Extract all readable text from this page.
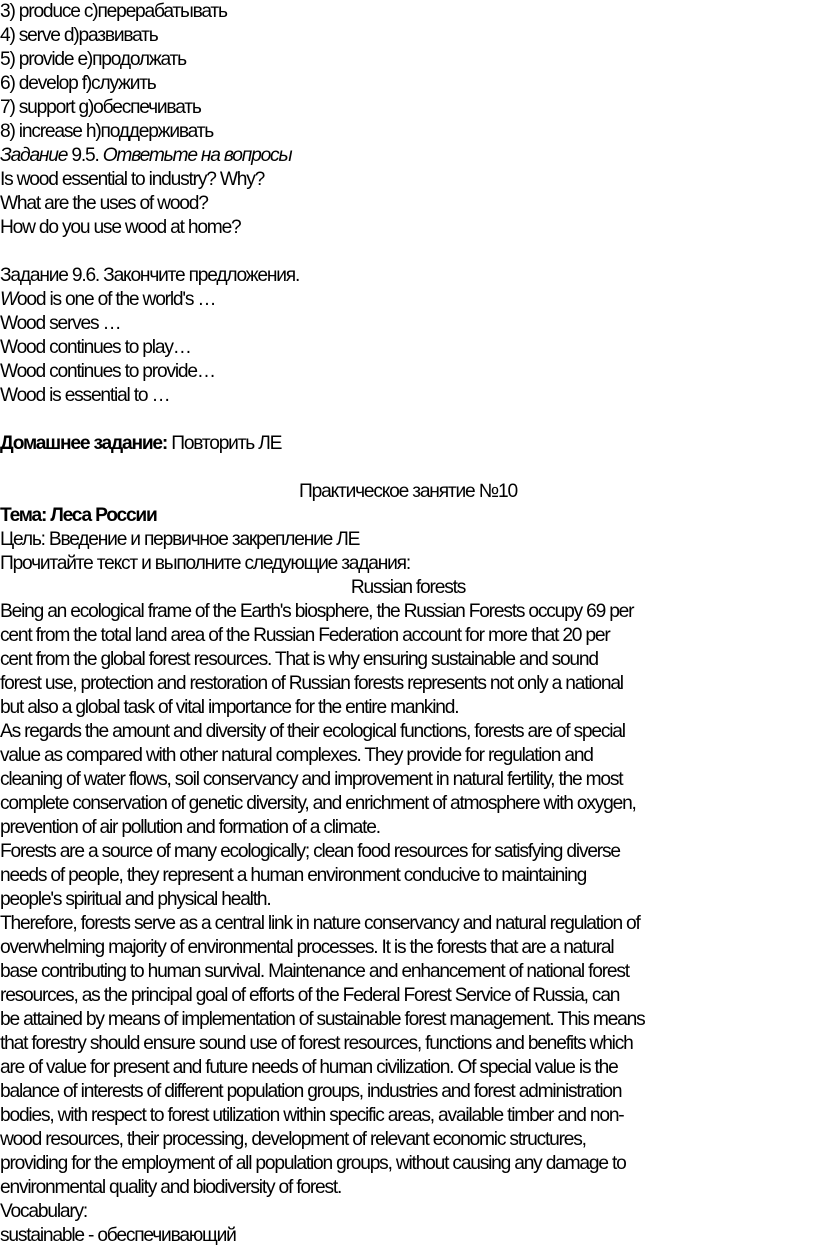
3) produce c)перерабатывать
4) serve d)развивать
5) provide e)продолжать
6) develop f)служить
7) support g)обеспечивать
8) increase h)поддерживать
Задание 9.5. Ответьте на вопросы
Is wood essential to industry? Why?
What are the uses of wood?
How do you use wood at home?
Задание 9.6. Закончите предложения.
Wood is one of the world's …
Wood serves …
Wood continues to play…
Wood continues to provide…
Wood is essential to …
Домашнее задание: Повторить ЛЕ
Практическое занятие №10
Тема: Леса России
Цель: Введение и первичное закрепление ЛЕ
Прочитайте текст и выполните следующие задания:
Russian forests
Being an ecological frame of the Earth's biosphere, the Russian Forests occupy 69 per
cent from the total land area of the Russian Federation account for more that 20 per
cent from the global forest resources. That is why ensuring sustainable and sound
forest use, protection and restoration of Russian forests represents not only a national
but also a global task of vital importance for the entire mankind.
As regards the amount and diversity of their ecological functions, forests are of special
value as compared with other natural complexes. They provide for regulation and
cleaning of water flows, soil conservancy and improvement in natural fertility, the most
complete conservation of genetic diversity, and enrichment of atmosphere with oxygen,
prevention of air pollution and formation of a climate.
Forests are a source of many ecologically; clean food resources for satisfying diverse
needs of people, they represent a human environment conducive to maintaining
people's spiritual and physical health.
Therefore, forests serve as a central link in nature conservancy and natural regulation of
overwhelming majority of environmental processes. It is the forests that are a natural
base contributing to human survival. Maintenance and enhancement of national forest
resources, as the principal goal of efforts of the Federal Forest Service of Russia, can
be attained by means of implementation of sustainable forest management. This means
that forestry should ensure sound use of forest resources, functions and benefits which
are of value for present and future needs of human civilization. Of special value is the
balance of interests of different population groups, industries and forest administration
bodies, with respect to forest utilization within specific areas, available timber and non-
wood resources, their processing, development of relevant economic structures,
providing for the employment of all population groups, without causing any damage to
environmental quality and biodiversity of forest.
Vocabulary:
sustainable - обеспечивающий
